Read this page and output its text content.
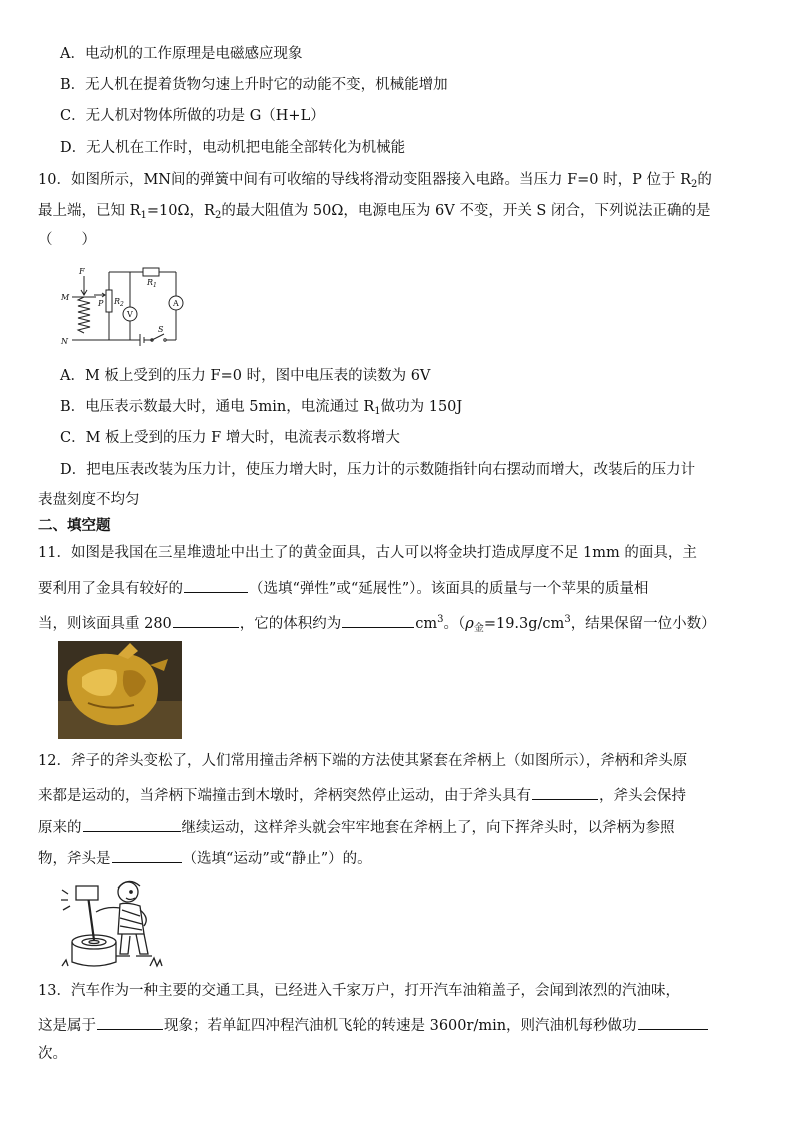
A．电动机的工作原理是电磁感应现象
B．无人机在提着货物匀速上升时它的动能不变，机械能增加
C．无人机对物体所做的功是 G（H+L）
D．无人机在工作时，电动机把电能全部转化为机械能
10．如图所示，MN间的弹簧中间有可收缩的导线将滑动变阻器接入电路。当压力 F=0 时，P 位于 $R_2$的
最上端，已知 $R_1=10\Omega$，$R_2$的最大阻值为 50Ω，电源电压为 6V 不变，开关 S 闭合，下列说法正确的是
（　　）
F
M
N
P $R_2$
$R_1$
V
A
S
A．M 板上受到的压力 F=0 时，图中电压表的读数为 6V
B．电压表示数最大时，通电 5min，电流通过 $R_1$做功为 150J
C．M 板上受到的压力 F 增大时，电流表示数将增大
D．把电压表改装为压力计，使压力增大时，压力计的示数随指针向右摆动而增大，改装后的压力计
表盘刻度不均匀
二、填空题
11．如图是我国在三星堆遗址中出土了的黄金面具，古人可以将金块打造成厚度不足 1mm 的面具，主
要利用了金具有较好的	（选填“弹性”或“延展性”）。该面具的质量与一个苹果的质量相
当，则该面具重 280	，它的体积约为	$cm^3$。（$\rho_金=19.3g/cm^3$，结果保留一位小数）
12．斧子的斧头变松了，人们常用撞击斧柄下端的方法使其紧套在斧柄上（如图所示），斧柄和斧头原
来都是运动的，当斧柄下端撞击到木墩时，斧柄突然停止运动，由于斧头具有	，斧头会保持
原来的	继续运动，这样斧头就会牢牢地套在斧柄上了，向下挥斧头时，以斧柄为参照
物，斧头是	（选填“运动”或“静止”）的。
13．汽车作为一种主要的交通工具，已经进入千家万户，打开汽车油箱盖子，会闻到浓烈的汽油味，
这是属于	现象；若单缸四冲程汽油机飞轮的转速是 3600r/min，则汽油机每秒做功
次。
